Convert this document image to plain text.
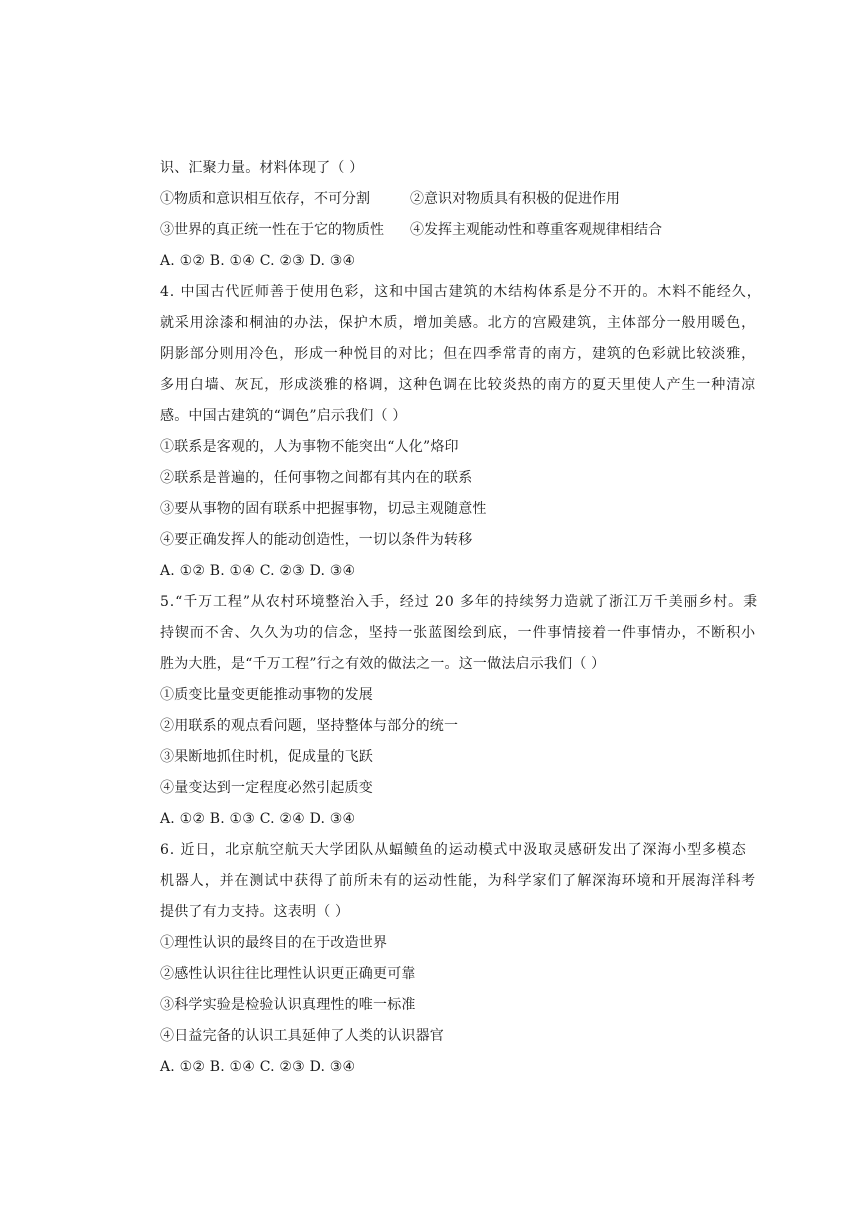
识、汇聚力量。材料体现了（ ）
①物质和意识相互依存，不可分割	②意识对物质具有积极的促进作用
③世界的真正统一性在于它的物质性 ④发挥主观能动性和尊重客观规律相结合
A. ①② B. ①④ C. ②③ D. ③④
4. 中国古代匠师善于使用色彩，这和中国古建筑的木结构体系是分不开的。木料不能经久，
就采用涂漆和桐油的办法，保护木质，增加美感。北方的宫殿建筑，主体部分一般用暖色，
阴影部分则用冷色，形成一种悦目的对比；但在四季常青的南方，建筑的色彩就比较淡雅，
多用白墙、灰瓦，形成淡雅的格调，这种色调在比较炎热的南方的夏天里使人产生一种清凉
感。中国古建筑的“调色”启示我们（ ）
①联系是客观的，人为事物不能突出“人化”烙印
②联系是普遍的，任何事物之间都有其内在的联系
③要从事物的固有联系中把握事物，切忌主观随意性
④要正确发挥人的能动创造性，一切以条件为转移
A. ①② B. ①④ C. ②③ D. ③④
5.“千万工程”从农村环境整治入手，经过 20 多年的持续努力造就了浙江万千美丽乡村。秉
持锲而不舍、久久为功的信念，坚持一张蓝图绘到底，一件事情接着一件事情办，不断积小
胜为大胜，是“千万工程”行之有效的做法之一。这一做法启示我们（ ）
①质变比量变更能推动事物的发展
②用联系的观点看问题，坚持整体与部分的统一
③果断地抓住时机，促成量的飞跃
④量变达到一定程度必然引起质变
A. ①② B. ①③ C. ②④ D. ③④
6. 近日，北京航空航天大学团队从蝠鲼鱼的运动模式中汲取灵感研发出了深海小型多模态
机器人，并在测试中获得了前所未有的运动性能，为科学家们了解深海环境和开展海洋科考
提供了有力支持。这表明（ ）
①理性认识的最终目的在于改造世界
②感性认识往往比理性认识更正确更可靠
③科学实验是检验认识真理性的唯一标准
④日益完备的认识工具延伸了人类的认识器官
A. ①② B. ①④ C. ②③ D. ③④
